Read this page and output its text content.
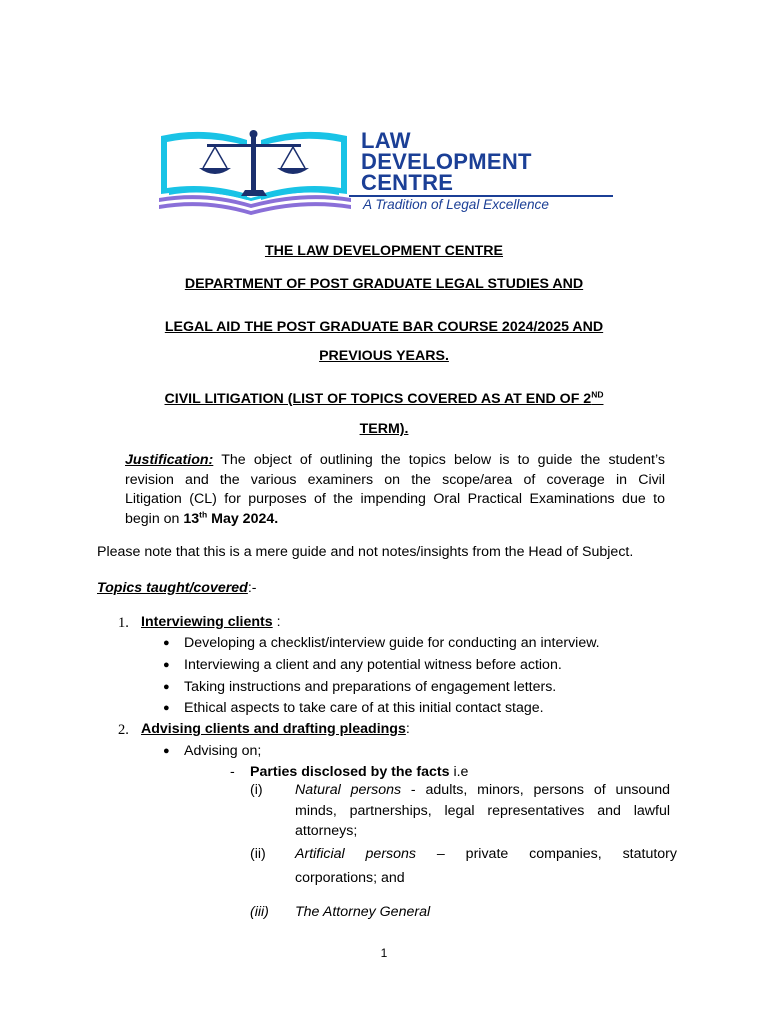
LAW
DEVELOPMENT
CENTRE
A Tradition of Legal Excellence
THE LAW DEVELOPMENT CENTRE
DEPARTMENT OF POST GRADUATE LEGAL STUDIES AND
LEGAL AID THE POST GRADUATE BAR COURSE 2024/2025 AND
PREVIOUS YEARS.
CIVIL LITIGATION (LIST OF TOPICS COVERED AS AT END OF 2ND
TERM).
Justification: The object of outlining the topics below is to guide the student’s
revision and the various examiners on the scope/area of coverage in Civil
Litigation (CL) for purposes of the impending Oral Practical Examinations due to
begin on 13th May 2024.
Please note that this is a mere guide and not notes/insights from the Head of Subject.
Topics taught/covered:-
1. Interviewing clients :
● Developing a checklist/interview guide for conducting an interview.
● Interviewing a client and any potential witness before action.
● Taking instructions and preparations of engagement letters.
● Ethical aspects to take care of at this initial contact stage.
2. Advising clients and drafting pleadings:
● Advising on;
- Parties disclosed by the facts i.e
(i) Natural persons - adults, minors, persons of unsound
minds, partnerships, legal representatives and lawful
attorneys;
(ii) Artificial persons – private companies, statutory
corporations; and
(iii) The Attorney General
1
